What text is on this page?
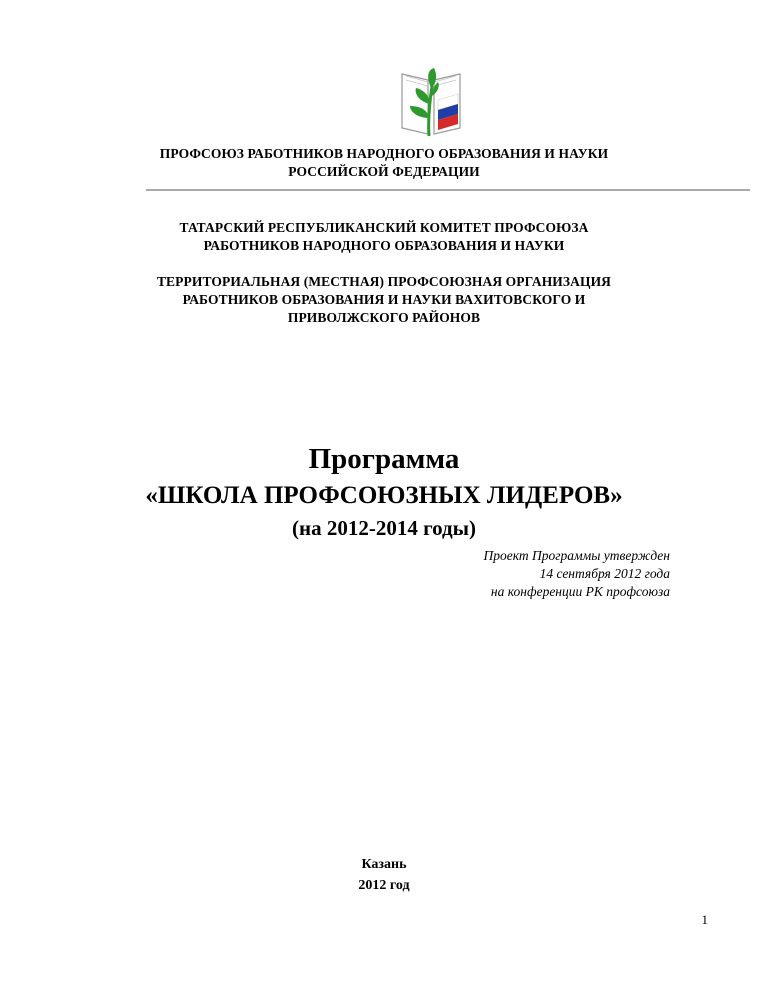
ПРОФСОЮЗ РАБОТНИКОВ НАРОДНОГО ОБРАЗОВАНИЯ И НАУКИ
РОССИЙСКОЙ ФЕДЕРАЦИИ
ТАТАРСКИЙ РЕСПУБЛИКАНСКИЙ КОМИТЕТ ПРОФСОЮЗА
РАБОТНИКОВ НАРОДНОГО ОБРАЗОВАНИЯ И НАУКИ
ТЕРРИТОРИАЛЬНАЯ (МЕСТНАЯ) ПРОФСОЮЗНАЯ ОРГАНИЗАЦИЯ
РАБОТНИКОВ ОБРАЗОВАНИЯ И НАУКИ ВАХИТОВСКОГО И
ПРИВОЛЖСКОГО РАЙОНОВ
Программа
«ШКОЛА ПРОФСОЮЗНЫХ ЛИДЕРОВ»
(на 2012-2014 годы)
Проект Программы утвержден
14 сентября 2012 года
на конференции РК профсоюза
Казань
2012 год
1
